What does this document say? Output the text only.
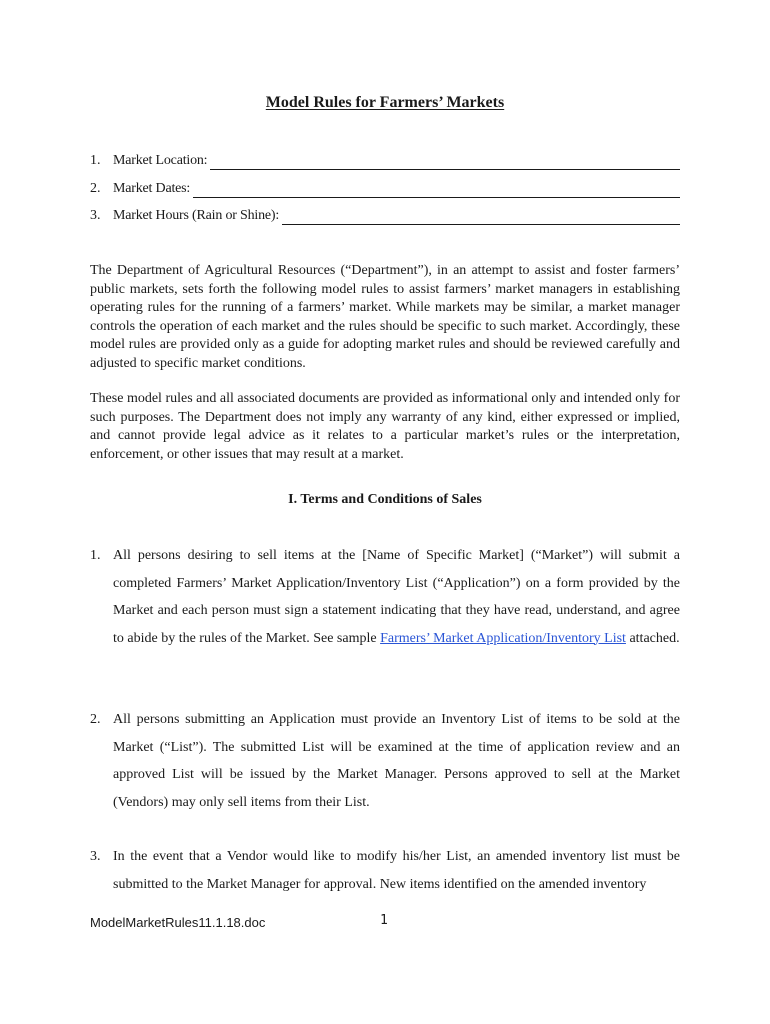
Model Rules for Farmers’ Markets
1. Market Location:
2. Market Dates:
3. Market Hours (Rain or Shine):

The Department of Agricultural Resources (“Department”), in an attempt to assist and foster farmers’ public markets, sets forth the following model rules to assist farmers’ market managers in establishing operating rules for the running of a farmers’ market. While markets may be similar, a market manager controls the operation of each market and the rules should be specific to such market. Accordingly, these model rules are provided only as a guide for adopting market rules and should be reviewed carefully and adjusted to specific market conditions.

These model rules and all associated documents are provided as informational only and intended only for such purposes. The Department does not imply any warranty of any kind, either expressed or implied, and cannot provide legal advice as it relates to a particular market’s rules or the interpretation, enforcement, or other issues that may result at a market.

I. Terms and Conditions of Sales
1. All persons desiring to sell items at the [Name of Specific Market] (“Market”) will submit a completed Farmers’ Market Application/Inventory List (“Application”) on a form provided by the Market and each person must sign a statement indicating that they have read, understand, and agree to abide by the rules of the Market. See sample Farmers’ Market Application/Inventory List attached.
2. All persons submitting an Application must provide an Inventory List of items to be sold at the Market (“List”). The submitted List will be examined at the time of application review and an approved List will be issued by the Market Manager. Persons approved to sell at the Market (Vendors) may only sell items from their List.
3. In the event that a Vendor would like to modify his/her List, an amended inventory list must be submitted to the Market Manager for approval. New items identified on the amended inventory
ModelMarketRules11.1.18.doc	1
